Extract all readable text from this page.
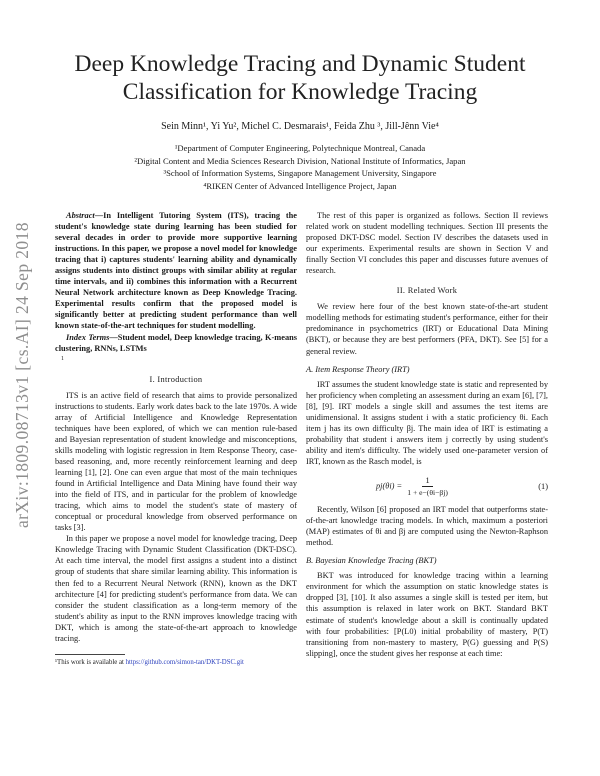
Deep Knowledge Tracing and Dynamic Student Classification for Knowledge Tracing
Sein Minn¹, Yi Yu², Michel C. Desmarais¹, Feida Zhu ³, Jill-Jênn Vie⁴
¹Department of Computer Engineering, Polytechnique Montreal, Canada
²Digital Content and Media Sciences Research Division, National Institute of Informatics, Japan
³School of Information Systems, Singapore Management University, Singapore
⁴RIKEN Center of Advanced Intelligence Project, Japan
arXiv:1809.08713v1 [cs.AI] 24 Sep 2018

Abstract—In Intelligent Tutoring System (ITS), tracing the student's knowledge state during learning has been studied for several decades in order to provide more supportive learning instructions. In this paper, we propose a novel model for knowledge tracing that i) captures students' learning ability and dynamically assigns students into distinct groups with similar ability at regular time intervals, and ii) combines this information with a Recurrent Neural Network architecture known as Deep Knowledge Tracing. Experimental results confirm that the proposed model is significantly better at predicting student performance than well known state-of-the-art techniques for student modelling.

Index Terms—Student model, Deep knowledge tracing, K-means clustering, RNNs, LSTMs

1
I. Introduction

ITS is an active field of research that aims to provide personalized instructions to students. Early work dates back to the late 1970s. A wide array of Artificial Intelligence and Knowledge Representation techniques have been explored, of which we can mention rule-based and Bayesian representation of student knowledge and misconceptions, skills modeling with logistic regression in Item Response Theory, case-based reasoning, and, more recently reinforcement learning and deep learning [1], [2]. One can even argue that most of the main techniques found in Artificial Intelligence and Data Mining have found their way into the field of ITS, and in particular for the problem of knowledge tracing, which aims to model the student's state of mastery of conceptual or procedural knowledge from observed performance on tasks [3].

In this paper we propose a novel model for knowledge tracing, Deep Knowledge Tracing with Dynamic Student Classification (DKT-DSC). At each time interval, the model first assigns a student into a distinct group of students that share similar learning ability. This information is then fed to a Recurrent Neural Network (RNN), known as the DKT architecture [4] for predicting student's performance from data. We can consider the student classification as a long-term memory of the student's ability as input to the RNN improves knowledge tracing with DKT, which is among the state-of-the-art approach to knowledge tracing.

¹This work is available at https://github.com/simon-tan/DKT-DSC.git

The rest of this paper is organized as follows. Section II reviews related work on student modelling techniques. Section III presents the proposed DKT-DSC model. Section IV describes the datasets used in our experiments. Experimental results are shown in Section V and finally Section VI concludes this paper and discusses future avenues of research.

II. Related Work

We review here four of the best known state-of-the-art student modelling methods for estimating student's performance, either for their predominance in psychometrics (IRT) or Educational Data Mining (BKT), or because they are best performers (PFA, DKT). See [5] for a general review.

A. Item Response Theory (IRT)

IRT assumes the student knowledge state is static and represented by her proficiency when completing an assessment during an exam [6], [7], [8], [9]. IRT models a single skill and assumes the test items are unidimensional. It assigns student i with a static proficiency θi. Each item j has its own difficulty βj. The main idea of IRT is estimating a probability that student i answers item j correctly by using student's ability and item's difficulty. The widely used one-parameter version of IRT, known as the Rasch model, is

$pj(\theta i) = \frac{1}{1 + e-(\theta i-\beta j)}$	(1)

Recently, Wilson [6] proposed an IRT model that outperforms state-of-the-art knowledge tracing models. In which, maximum a posteriori (MAP) estimates of θi and βj are computed using the Newton-Raphson method.

B. Bayesian Knowledge Tracing (BKT)

BKT was introduced for knowledge tracing within a learning environment for which the assumption on static knowledge states is dropped [3], [10]. It also assumes a single skill is tested per item, but this assumption is relaxed in later work on BKT. Standard BKT estimate of student's knowledge about a skill is continually updated with four probabilities: [P(L0) initial probability of mastery, P(T) transitioning from non-mastery to mastery, P(G) guessing and P(S) slipping], once the student gives her response at each time:
